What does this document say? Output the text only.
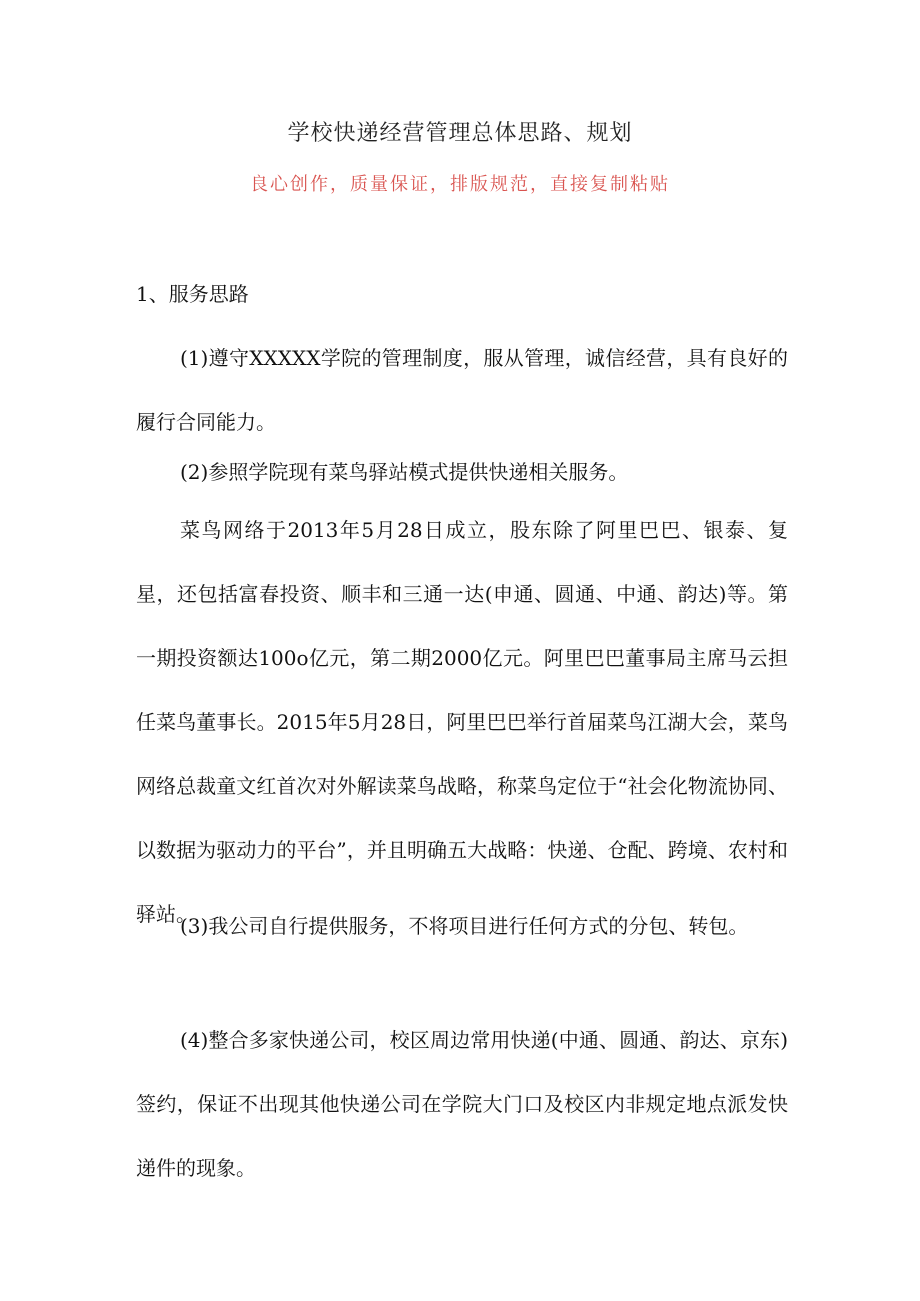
学校快递经营管理总体思路、规划
良心创作，质量保证，排版规范，直接复制粘贴
1、服务思路

(1)遵守XXXXX学院的管理制度，服从管理，诚信经营，具有良好的履行合同能力。

(2)参照学院现有菜鸟驿站模式提供快递相关服务。

菜鸟网络于2013年5月28日成立，股东除了阿里巴巴、银泰、复星，还包括富春投资、顺丰和三通一达(申通、圆通、中通、韵达)等。第一期投资额达100o亿元，第二期2000亿元。阿里巴巴董事局主席马云担任菜鸟董事长。2015年5月28日，阿里巴巴举行首届菜鸟江湖大会，菜鸟网络总裁童文红首次对外解读菜鸟战略，称菜鸟定位于“社会化物流协同、以数据为驱动力的平台”，并且明确五大战略：快递、仓配、跨境、农村和驿站。

(3)我公司自行提供服务，不将项目进行任何方式的分包、转包。

(4)整合多家快递公司，校区周边常用快递(中通、圆通、韵达、京东)签约，保证不出现其他快递公司在学院大门口及校区内非规定地点派发快递件的现象。
